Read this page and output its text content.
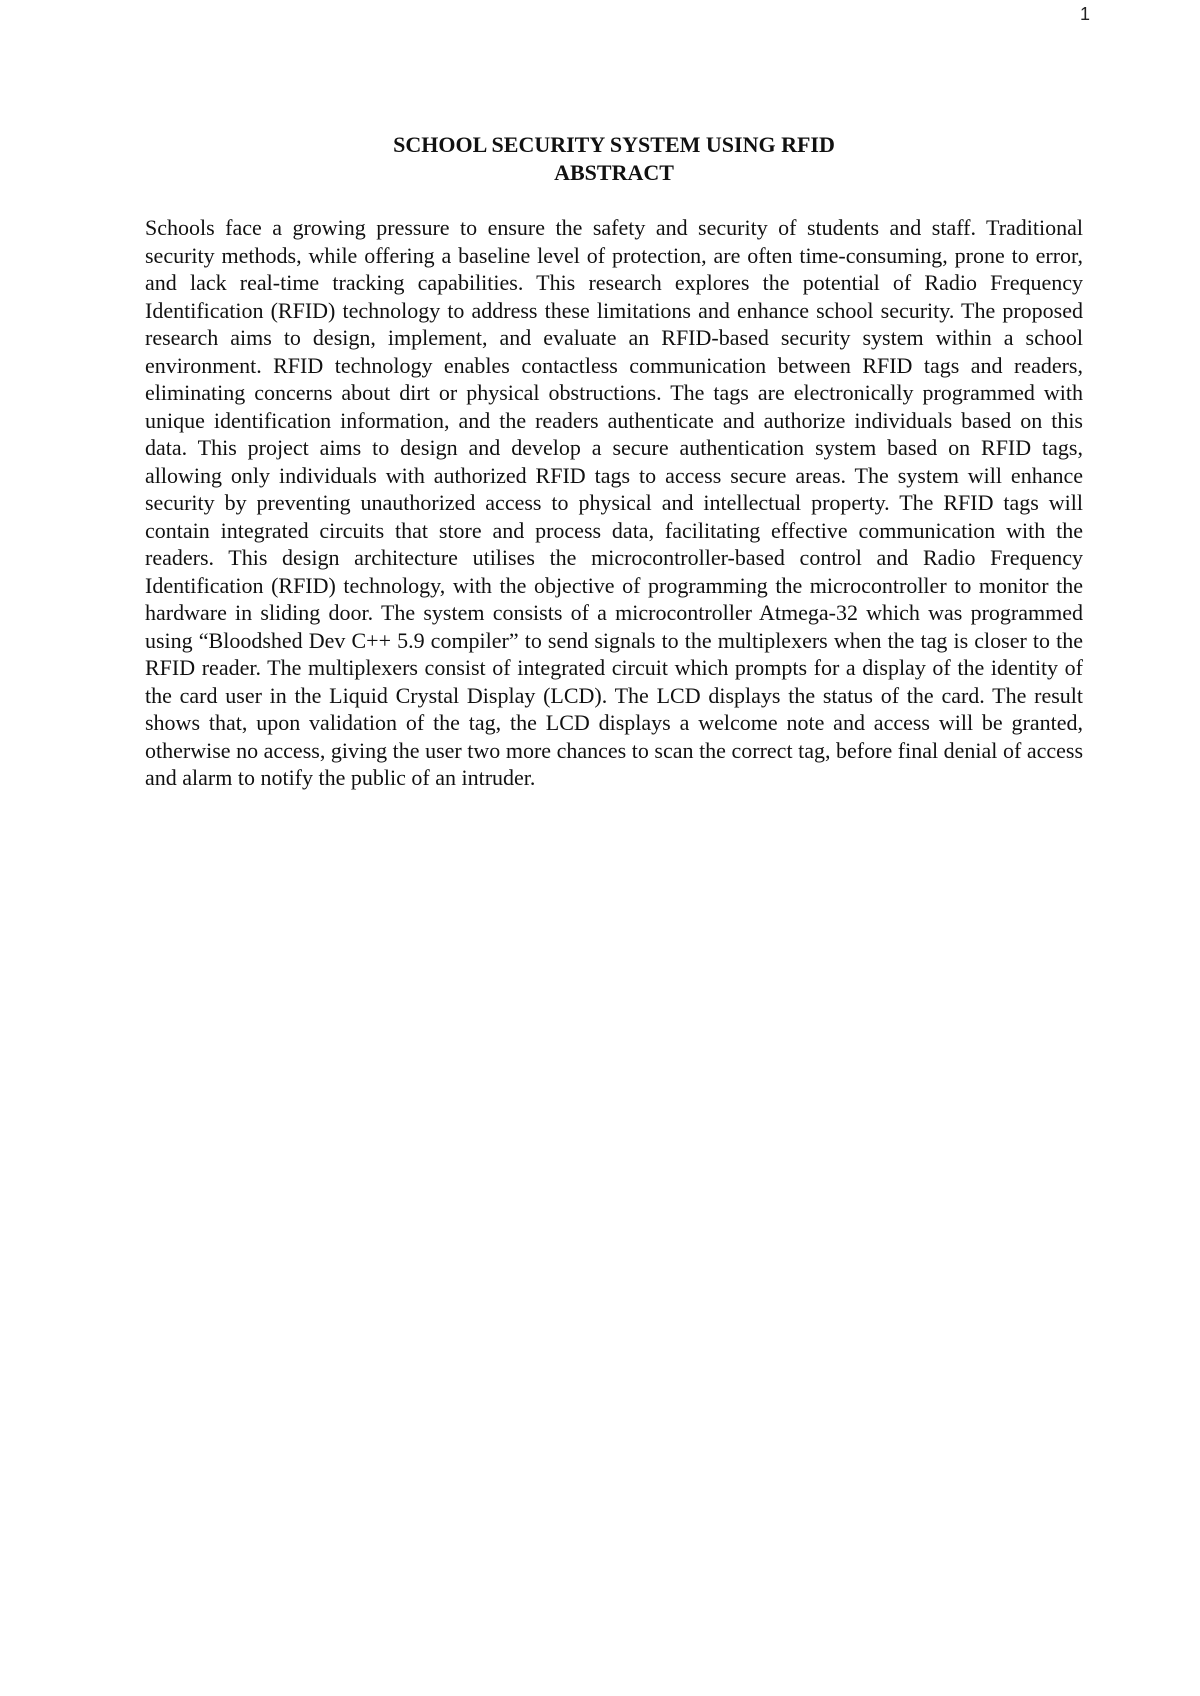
1
SCHOOL SECURITY SYSTEM USING RFID
ABSTRACT

Schools face a growing pressure to ensure the safety and security of students and staff. Traditional security methods, while offering a baseline level of protection, are often time-consuming, prone to error, and lack real-time tracking capabilities. This research explores the potential of Radio Frequency Identification (RFID) technology to address these limitations and enhance school security. The proposed research aims to design, implement, and evaluate an RFID-based security system within a school environment. RFID technology enables contactless communication between RFID tags and readers, eliminating concerns about dirt or physical obstructions. The tags are electronically programmed with unique identification information, and the readers authenticate and authorize individuals based on this data. This project aims to design and develop a secure authentication system based on RFID tags, allowing only individuals with authorized RFID tags to access secure areas. The system will enhance security by preventing unauthorized access to physical and intellectual property. The RFID tags will contain integrated circuits that store and process data, facilitating effective communication with the readers. This design architecture utilises the microcontroller-based control and Radio Frequency Identification (RFID) technology, with the objective of programming the microcontroller to monitor the hardware in sliding door. The system consists of a microcontroller Atmega-32 which was programmed using “Bloodshed Dev C++ 5.9 compiler” to send signals to the multiplexers when the tag is closer to the RFID reader. The multiplexers consist of integrated circuit which prompts for a display of the identity of the card user in the Liquid Crystal Display (LCD). The LCD displays the status of the card. The result shows that, upon validation of the tag, the LCD displays a welcome note and access will be granted, otherwise no access, giving the user two more chances to scan the correct tag, before final denial of access and alarm to notify the public of an intruder.
